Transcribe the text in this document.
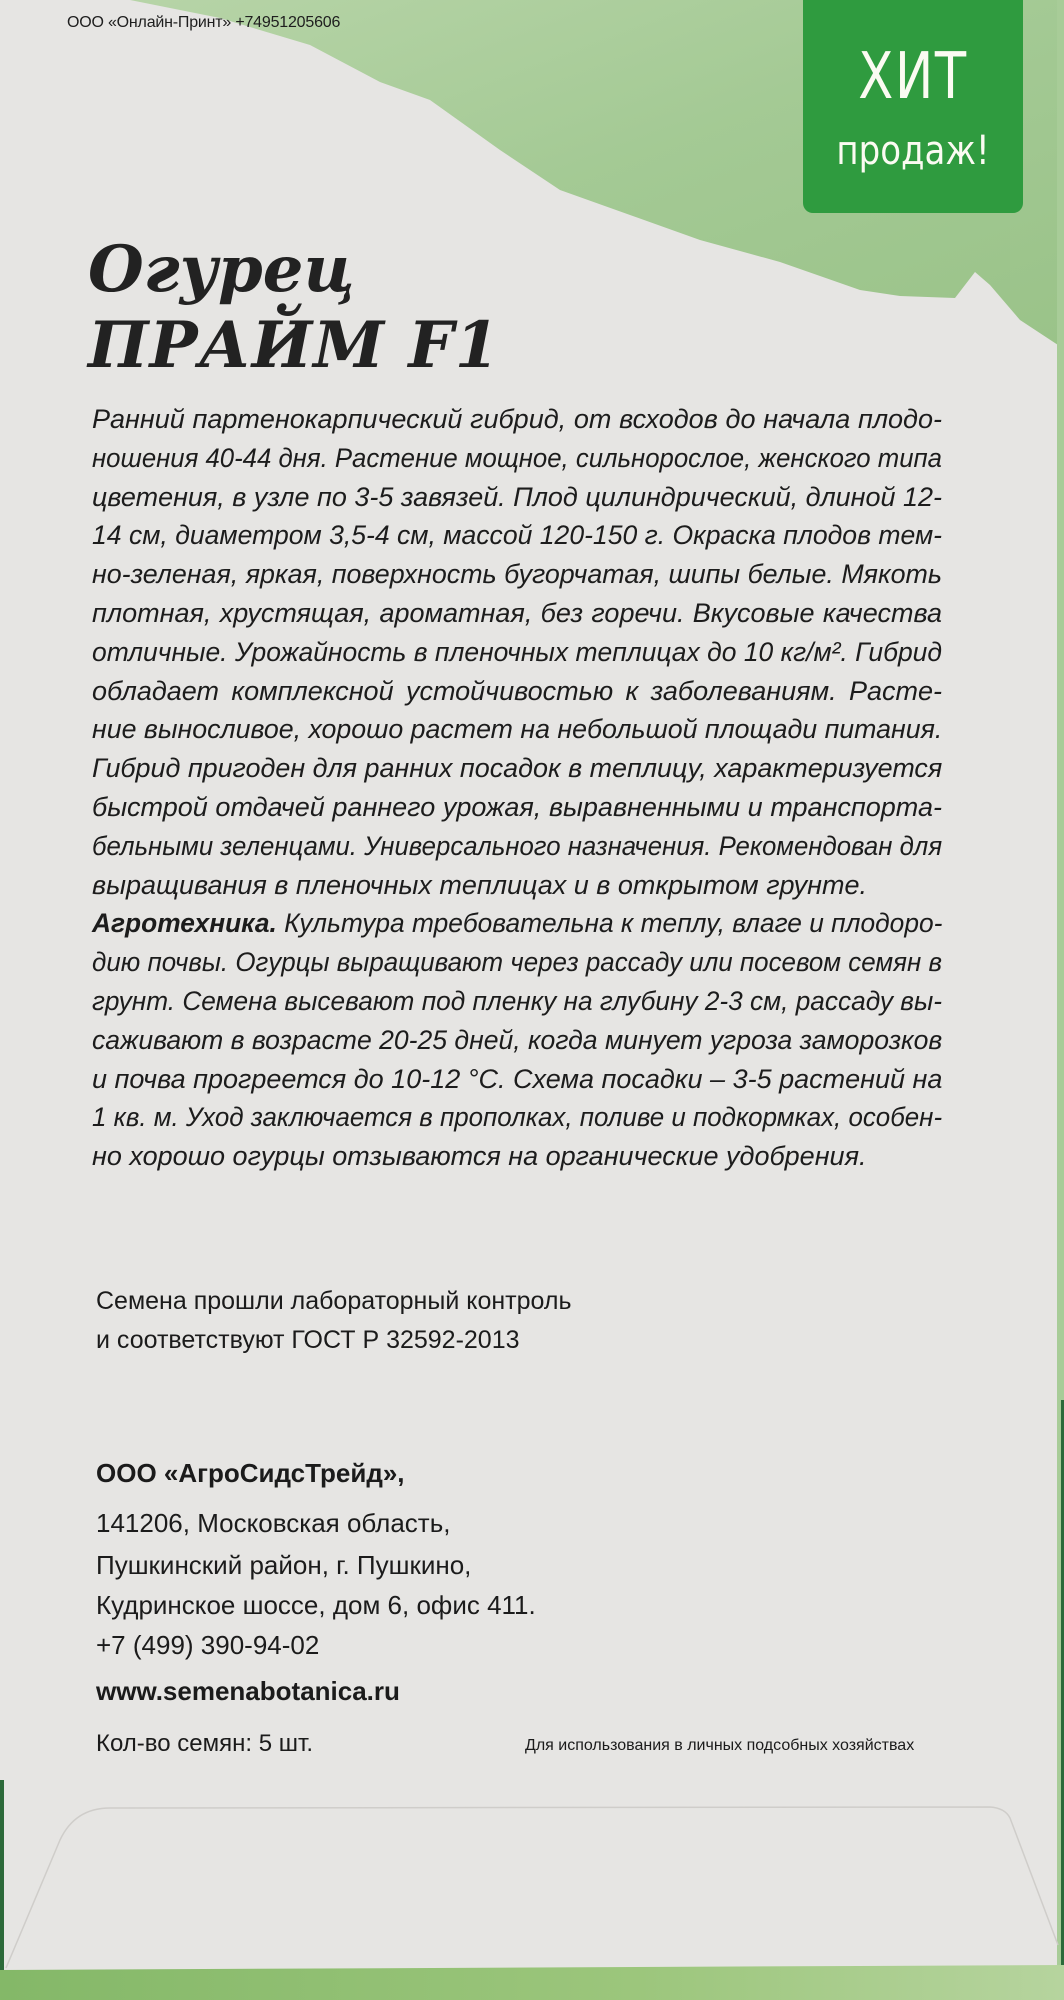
ООО «Онлайн-Принт» +74951205606
ХИТ
продаж!
Огурец
ПРАЙМ F1
Ранний партенокарпический гибрид, от всходов до начала плодо-
ношения 40-44 дня. Растение мощное, сильнорослое, женского типа
цветения, в узле по 3-5 завязей. Плод цилиндрический, длиной 12-
14 см, диаметром 3,5-4 см, массой 120-150 г. Окраска плодов тем-
но-зеленая, яркая, поверхность бугорчатая, шипы белые. Мякоть
плотная, хрустящая, ароматная, без горечи. Вкусовые качества
отличные. Урожайность в пленочных теплицах до 10 кг/м². Гибрид
обладает комплексной устойчивостью к заболеваниям. Расте-
ние выносливое, хорошо растет на небольшой площади питания.
Гибрид пригоден для ранних посадок в теплицу, характеризуется
быстрой отдачей раннего урожая, выравненными и транспорта-
бельными зеленцами. Универсального назначения. Рекомендован для
выращивания в пленочных теплицах и в открытом грунте.
Агротехника. Культура требовательна к теплу, влаге и плодоро-
дию почвы. Огурцы выращивают через рассаду или посевом семян в
грунт. Семена высевают под пленку на глубину 2-3 см, рассаду вы-
саживают в возрасте 20-25 дней, когда минует угроза заморозков
и почва прогреется до 10-12 °С. Схема посадки – 3-5 растений на
1 кв. м. Уход заключается в прополках, поливе и подкормках, особен-
но хорошо огурцы отзываются на органические удобрения.
Семена прошли лабораторный контроль
и соответствуют ГОСТ Р 32592-2013
ООО «АгроСидсТрейд»,
141206, Московская область,
Пушкинский район, г. Пушкино,
Кудринское шоссе, дом 6, офис 411.
+7 (499) 390-94-02
www.semenabotanica.ru
Кол-во семян: 5 шт.	Для использования в личных подсобных хозяйствах
